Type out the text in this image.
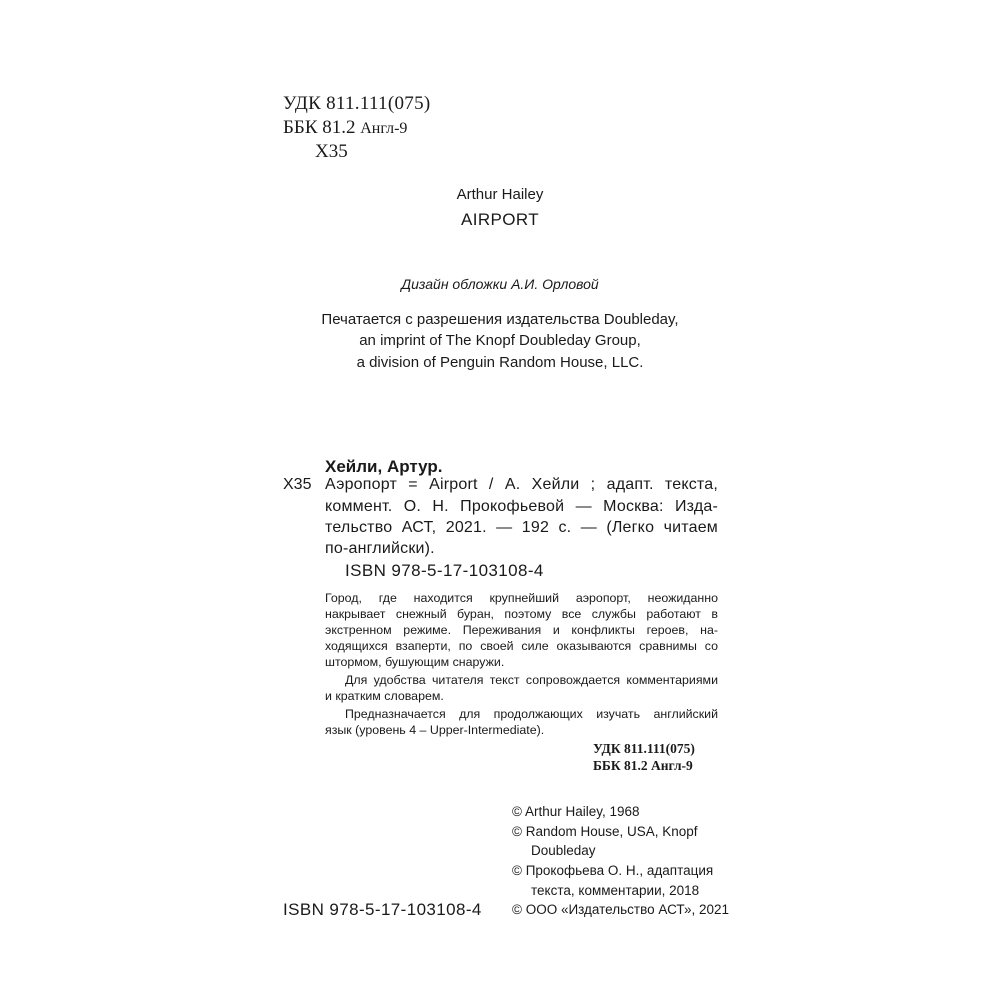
УДК 811.111(075)
ББК 81.2 Англ-9
Х35
Arthur Hailey
AIRPORT
Дизайн обложки А.И. Орловой
Печатается с разрешения издательства Doubleday,
an imprint of The Knopf Doubleday Group,
a division of Penguin Random House, LLC.
Хейли, Артур.
Х35 Аэропорт = Airport / А. Хейли ; адапт. текста,
коммент. О. Н. Прокофьевой — Москва: Изда-
тельство АСТ, 2021. — 192 с. — (Легко читаем
по-английски).
ISBN 978-5-17-103108-4
Город, где находится крупнейший аэропорт, неожиданно
накрывает снежный буран, поэтому все службы работают в
экстренном режиме. Переживания и конфликты героев, на-
ходящихся взаперти, по своей силе оказываются сравнимы со
штормом, бушующим снаружи.
Для удобства читателя текст сопровождается комментариями
и кратким словарем.
Предназначается для продолжающих изучать английский
язык (уровень 4 – Upper-Intermediate).
УДК 811.111(075)
ББК 81.2 Англ-9
© Arthur Hailey, 1968
© Random House, USA, Knopf
Doubleday
© Прокофьева О. Н., адаптация
текста, комментарии, 2018
© ООО «Издательство АСТ», 2021
ISBN 978-5-17-103108-4
